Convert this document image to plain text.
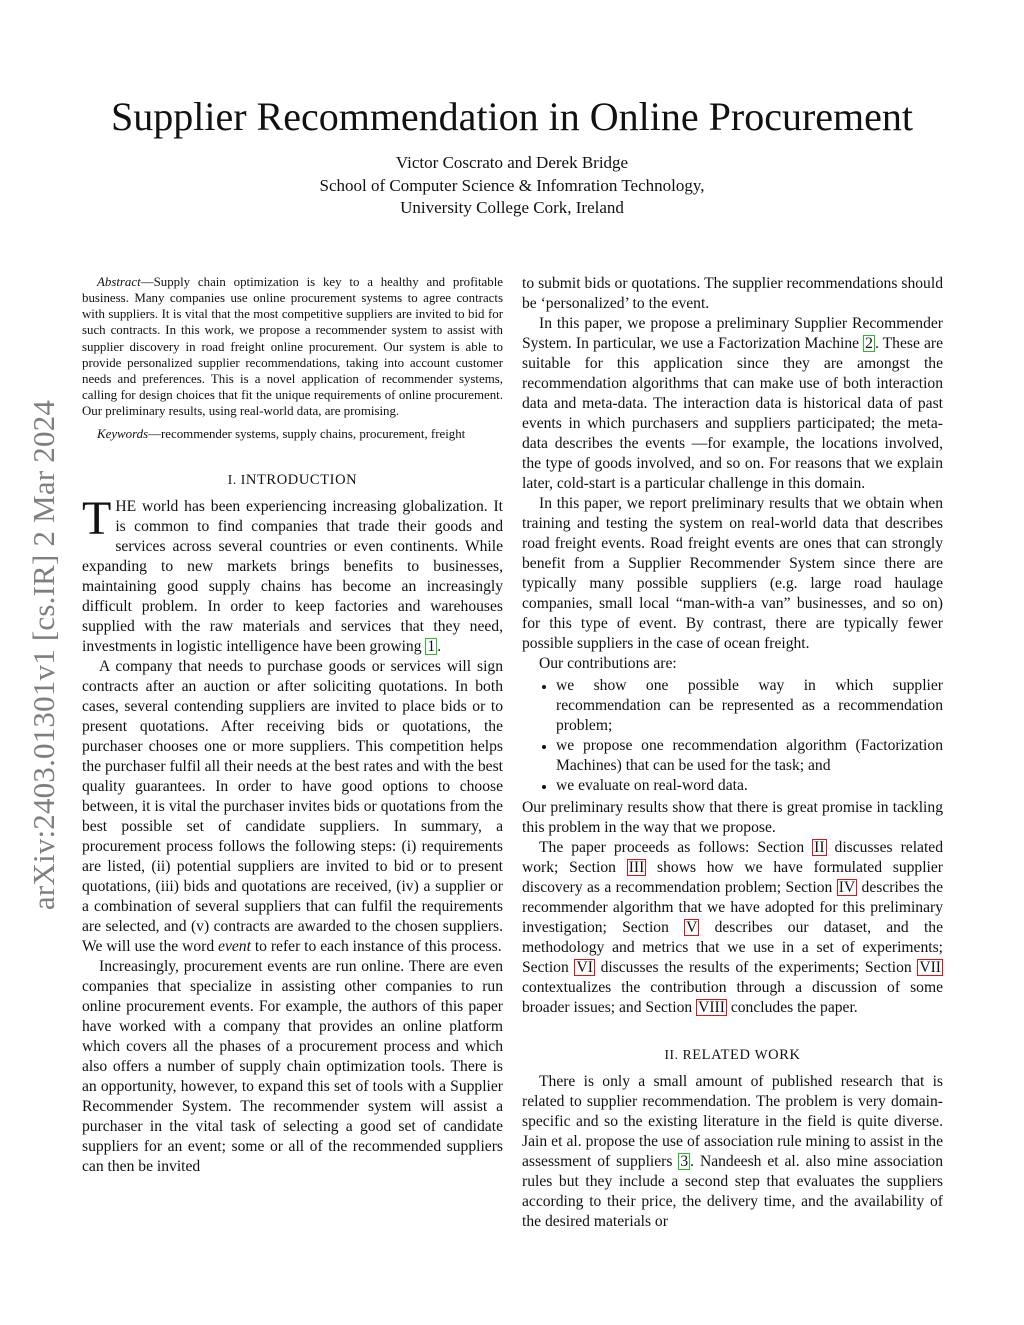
arXiv:2403.01301v1 [cs.IR] 2 Mar 2024
Supplier Recommendation in Online Procurement
Victor Coscrato and Derek Bridge
School of Computer Science & Infomration Technology,
University College Cork, Ireland

Abstract—Supply chain optimization is key to a healthy and profitable business. Many companies use online procurement systems to agree contracts with suppliers. It is vital that the most competitive suppliers are invited to bid for such contracts. In this work, we propose a recommender system to assist with supplier discovery in road freight online procurement. Our system is able to provide personalized supplier recommendations, taking into account customer needs and preferences. This is a novel application of recommender systems, calling for design choices that fit the unique requirements of online procurement. Our preliminary results, using real-world data, are promising.

Keywords—recommender systems, supply chains, procurement, freight

I. INTRODUCTION

THE world has been experiencing increasing globalization. It is common to find companies that trade their goods and services across several countries or even continents. While expanding to new markets brings benefits to businesses, maintaining good supply chains has become an increasingly difficult problem. In order to keep factories and warehouses supplied with the raw materials and services that they need, investments in logistic intelligence have been growing 1 .

A company that needs to purchase goods or services will sign contracts after an auction or after soliciting quotations. In both cases, several contending suppliers are invited to place bids or to present quotations. After receiving bids or quotations, the purchaser chooses one or more suppliers. This competition helps the purchaser fulfil all their needs at the best rates and with the best quality guarantees. In order to have good options to choose between, it is vital the purchaser invites bids or quotations from the best possible set of candidate suppliers. In summary, a procurement process follows the following steps: (i) requirements are listed, (ii) potential suppliers are invited to bid or to present quotations, (iii) bids and quotations are received, (iv) a supplier or a combination of several suppliers that can fulfil the requirements are selected, and (v) contracts are awarded to the chosen suppliers. We will use the word event to refer to each instance of this process.

Increasingly, procurement events are run online. There are even companies that specialize in assisting other companies to run online procurement events. For example, the authors of this paper have worked with a company that provides an online platform which covers all the phases of a procurement process and which also offers a number of supply chain optimization tools. There is an opportunity, however, to expand this set of tools with a Supplier Recommender System. The recommender system will assist a purchaser in the vital task of selecting a good set of candidate suppliers for an event; some or all of the recommended suppliers can then be invited

to submit bids or quotations. The supplier recommendations should be ‘personalized’ to the event.

In this paper, we propose a preliminary Supplier Recommender System. In particular, we use a Factorization Machine 2 . These are suitable for this application since they are amongst the recommendation algorithms that can make use of both interaction data and meta-data. The interaction data is historical data of past events in which purchasers and suppliers participated; the meta-data describes the events —for example, the locations involved, the type of goods involved, and so on. For reasons that we explain later, cold-start is a particular challenge in this domain.

In this paper, we report preliminary results that we obtain when training and testing the system on real-world data that describes road freight events. Road freight events are ones that can strongly benefit from a Supplier Recommender System since there are typically many possible suppliers (e.g. large road haulage companies, small local “man-with-a van” businesses, and so on) for this type of event. By contrast, there are typically fewer possible suppliers in the case of ocean freight.

Our contributions are:

• we show one possible way in which supplier recommendation can be represented as a recommendation problem;
• we propose one recommendation algorithm (Factorization Machines) that can be used for the task; and
• we evaluate on real-word data.

Our preliminary results show that there is great promise in tackling this problem in the way that we propose.

The paper proceeds as follows: Section II discusses related work; Section III shows how we have formulated supplier discovery as a recommendation problem; Section IV describes the recommender algorithm that we have adopted for this preliminary investigation; Section V describes our dataset, and the methodology and metrics that we use in a set of experiments; Section VI discusses the results of the experiments; Section VII contextualizes the contribution through a discussion of some broader issues; and Section VIII concludes the paper.

II. RELATED WORK

There is only a small amount of published research that is related to supplier recommendation. The problem is very domain-specific and so the existing literature in the field is quite diverse. Jain et al. propose the use of association rule mining to assist in the assessment of suppliers 3 . Nandeesh et al. also mine association rules but they include a second step that evaluates the suppliers according to their price, the delivery time, and the availability of the desired materials or
